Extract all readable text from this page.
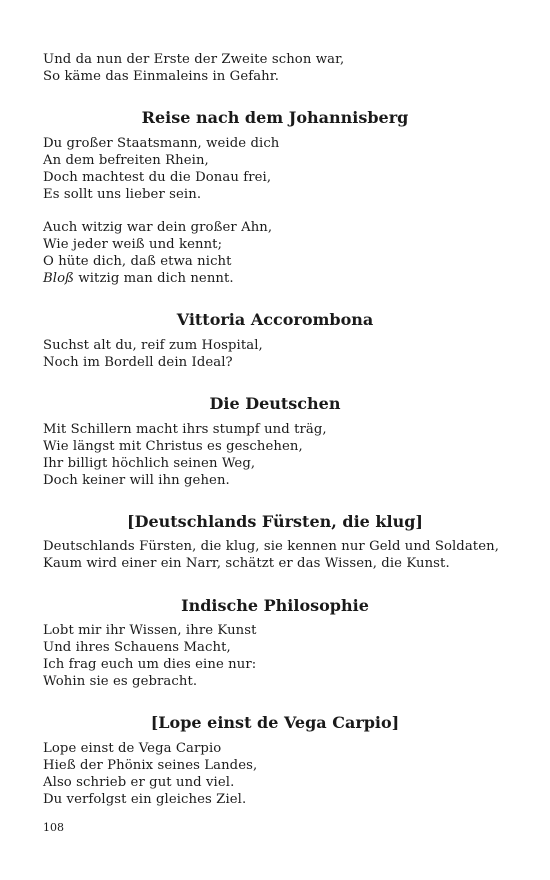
Und da nun der Erste der Zweite schon war,
So käme das Einmaleins in Gefahr.
Reise nach dem Johannisberg
Du großer Staatsmann, weide dich
An dem befreiten Rhein,
Doch machtest du die Donau frei,
Es sollt uns lieber sein.
Auch witzig war dein großer Ahn,
Wie jeder weiß und kennt;
O hüte dich, daß etwa nicht
Bloß witzig man dich nennt.
Vittoria Accorombona
Suchst alt du, reif zum Hospital,
Noch im Bordell dein Ideal?
Die Deutschen
Mit Schillern macht ihrs stumpf und träg,
Wie längst mit Christus es geschehen,
Ihr billigt höchlich seinen Weg,
Doch keiner will ihn gehen.
[Deutschlands Fürsten, die klug]
Deutschlands Fürsten, die klug, sie kennen nur Geld und Soldaten,
Kaum wird einer ein Narr, schätzt er das Wissen, die Kunst.
Indische Philosophie
Lobt mir ihr Wissen, ihre Kunst
Und ihres Schauens Macht,
Ich frag euch um dies eine nur:
Wohin sie es gebracht.
[Lope einst de Vega Carpio]
Lope einst de Vega Carpio
Hieß der Phönix seines Landes,
Also schrieb er gut und viel.
Du verfolgst ein gleiches Ziel.
108
